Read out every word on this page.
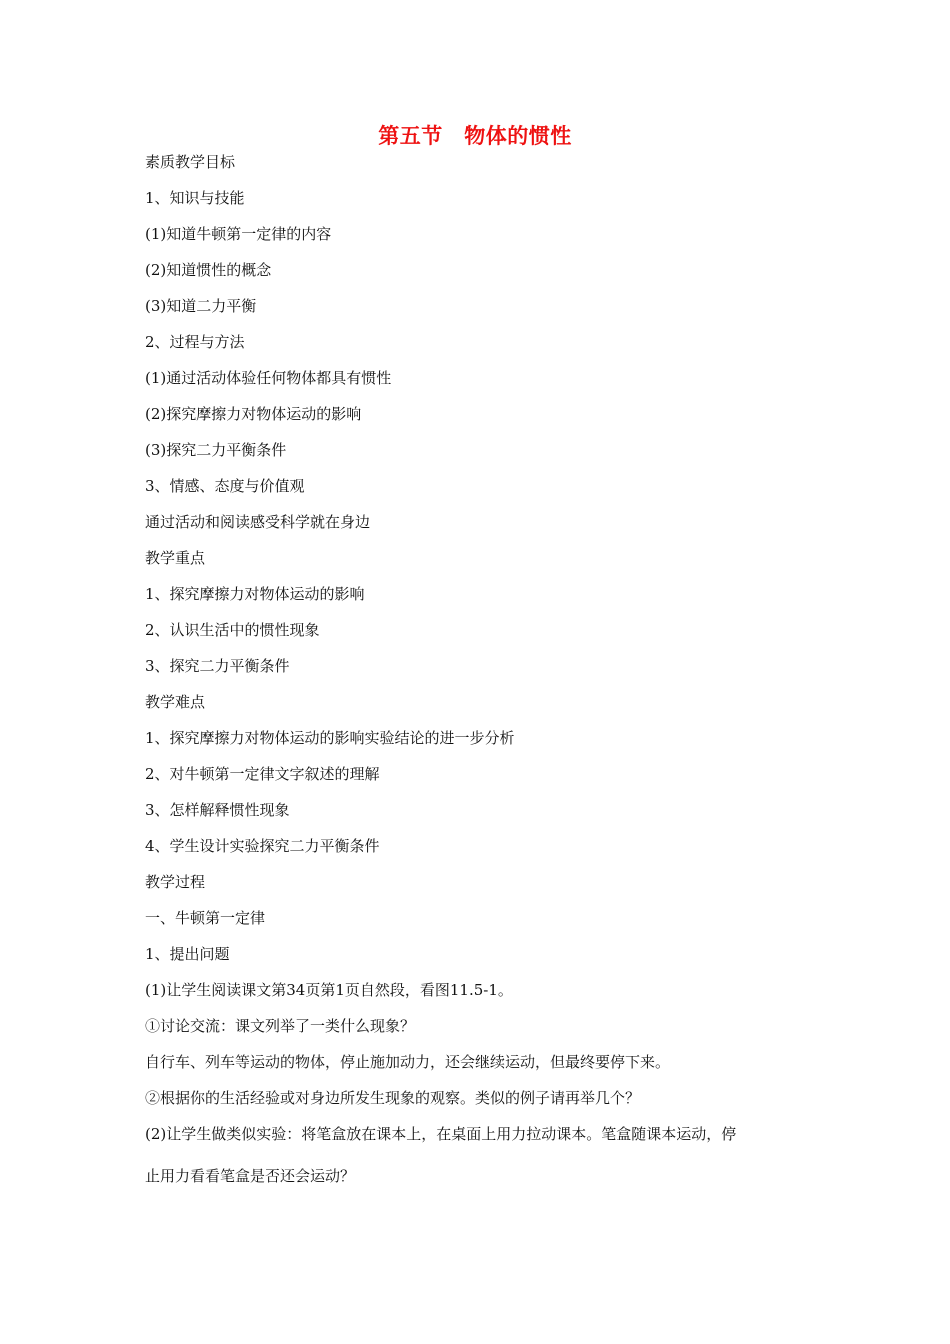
第五节　物体的惯性
素质教学目标
1、知识与技能
(1)知道牛顿第一定律的内容
(2)知道惯性的概念
(3)知道二力平衡
2、过程与方法
(1)通过活动体验任何物体都具有惯性
(2)探究摩擦力对物体运动的影响
(3)探究二力平衡条件
3、情感、态度与价值观
通过活动和阅读感受科学就在身边
教学重点
1、探究摩擦力对物体运动的影响
2、认识生活中的惯性现象
3、探究二力平衡条件
教学难点
1、探究摩擦力对物体运动的影响实验结论的进一步分析
2、对牛顿第一定律文字叙述的理解
3、怎样解释惯性现象
4、学生设计实验探究二力平衡条件
教学过程
一、牛顿第一定律
1、提出问题
(1)让学生阅读课文第34页第1页自然段，看图11.5-1。
①讨论交流：课文列举了一类什么现象？
自行车、列车等运动的物体，停止施加动力，还会继续运动，但最终要停下来。
②根据你的生活经验或对身边所发生现象的观察。类似的例子请再举几个？
(2)让学生做类似实验：将笔盒放在课本上，在桌面上用力拉动课本。笔盒随课本运动，停
止用力看看笔盒是否还会运动？
